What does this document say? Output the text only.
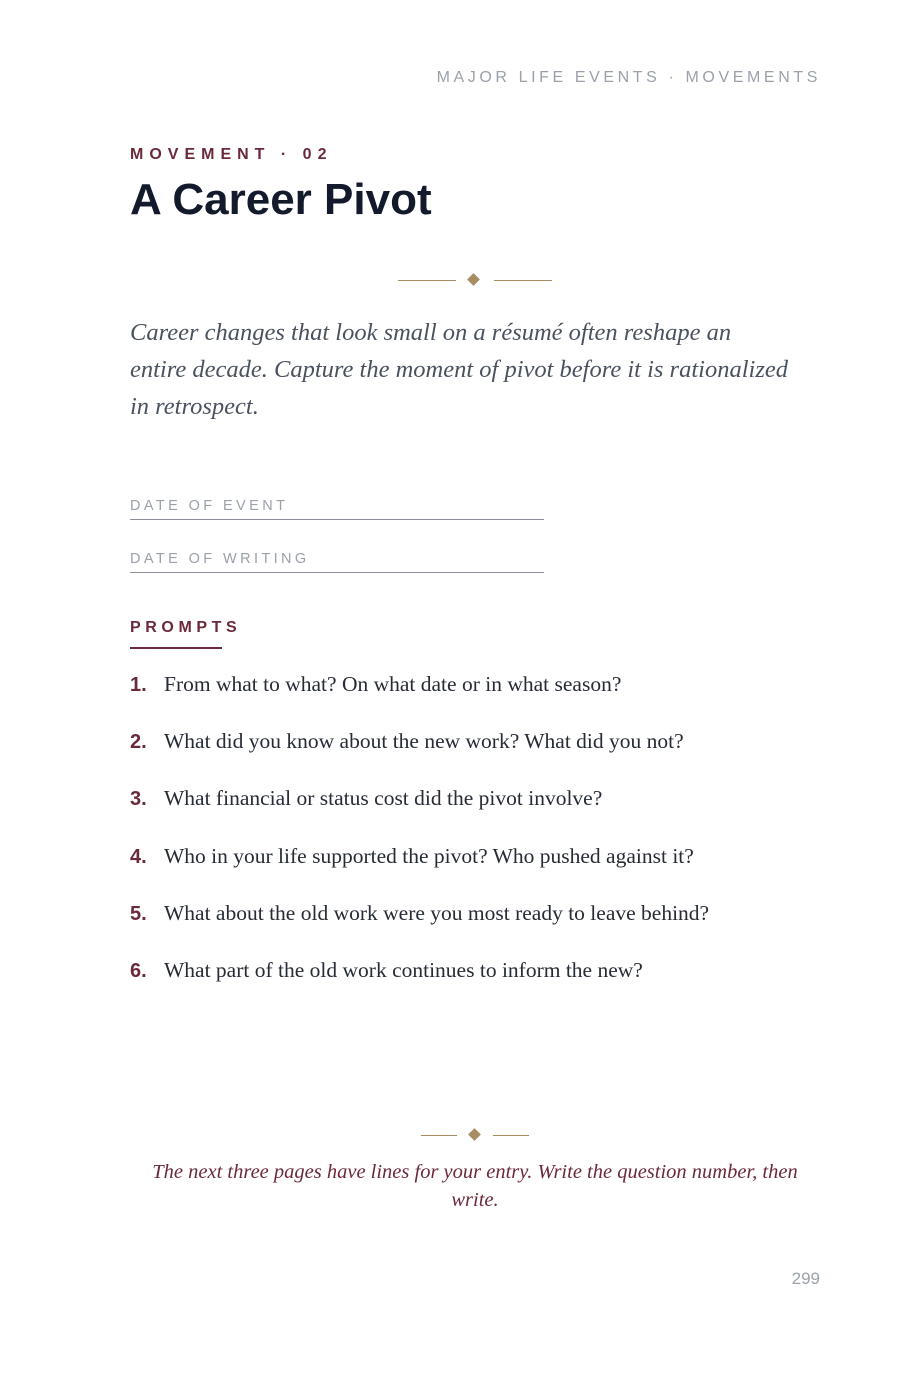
MAJOR LIFE EVENTS · MOVEMENTS
MOVEMENT · 02
A Career Pivot

Career changes that look small on a résumé often reshape an entire decade. Capture the moment of pivot before it is rationalized in retrospect.

DATE OF EVENT
DATE OF WRITING
PROMPTS
1. From what to what? On what date or in what season?
2. What did you know about the new work? What did you not?
3. What financial or status cost did the pivot involve?
4. Who in your life supported the pivot? Who pushed against it?
5. What about the old work were you most ready to leave behind?
6. What part of the old work continues to inform the new?

The next three pages have lines for your entry. Write the question number, then write.

299
